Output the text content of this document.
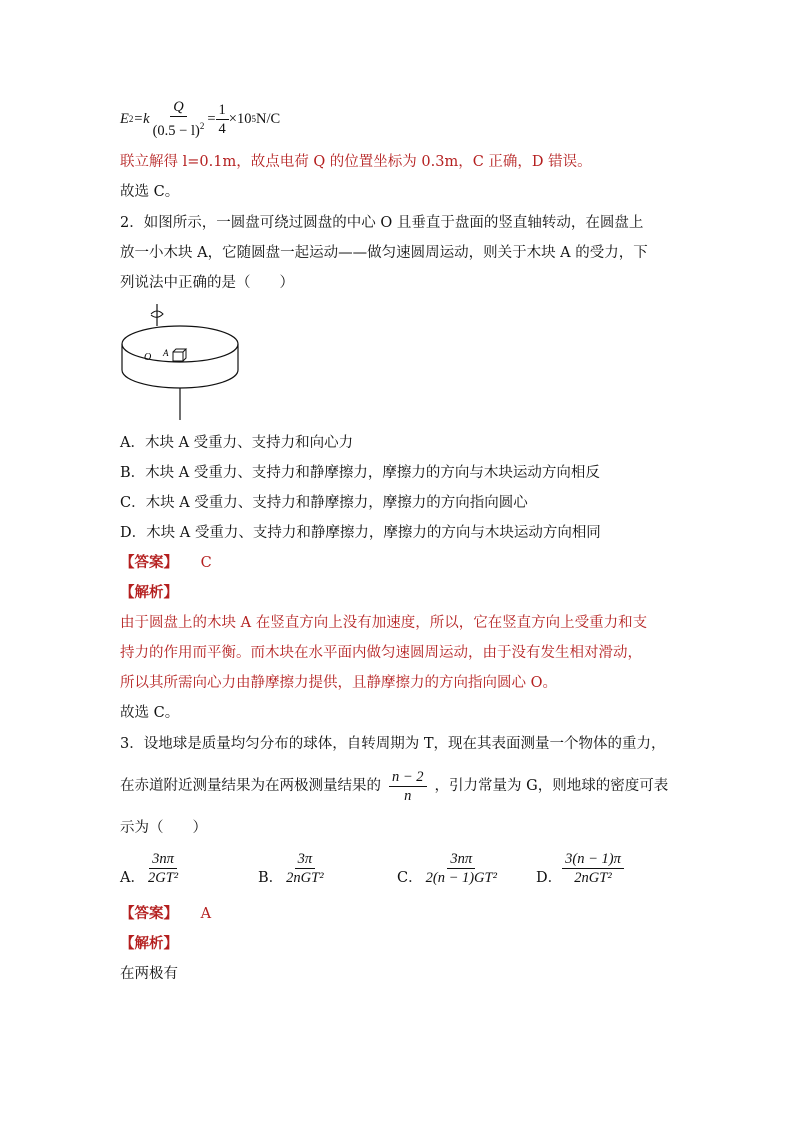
E $2 =k \frac{Q}{(0.5 - l)^2} = \frac{1}{4} \times 10$ 5 N/C
联立解得 l=0.1m，故点电荷 Q 的位置坐标为 0.3m，C 正确，D 错误。
故选 C。
2．如图所示，一圆盘可绕过圆盘的中心 O 且垂直于盘面的竖直轴转动，在圆盘上
放一小木块 A，它随圆盘一起运动——做匀速圆周运动，则关于木块 A 的受力，下
列说法中正确的是（　　）
O A
A．木块 A 受重力、支持力和向心力
B．木块 A 受重力、支持力和静摩擦力，摩擦力的方向与木块运动方向相反
C．木块 A 受重力、支持力和静摩擦力，摩擦力的方向指向圆心
D．木块 A 受重力、支持力和静摩擦力，摩擦力的方向与木块运动方向相同
【答案】 C
【解析】
由于圆盘上的木块 A 在竖直方向上没有加速度，所以，它在竖直方向上受重力和支
持力的作用而平衡。而木块在水平面内做匀速圆周运动，由于没有发生相对滑动，
所以其所需向心力由静摩擦力提供，且静摩擦力的方向指向圆心 O。
故选 C。
3．设地球是质量均匀分布的球体，自转周期为 T，现在其表面测量一个物体的重力，
在赤道附近测量结果为在两极测量结果的 $\frac{n - 2}{n}$ ，引力常量为 G，则地球的密度可表
示为（　　）
A． $\frac{3n\pi}{\text{2GT²}}$	B． $\frac{3\pi}{\text{2nGT²}}$	C． $\frac{3n\pi}{\text{2(n − 1)GT²}}$ D． $\frac{3(n - 1)\pi}{\text{2nGT²}}$
【答案】 A
【解析】
在两极有
